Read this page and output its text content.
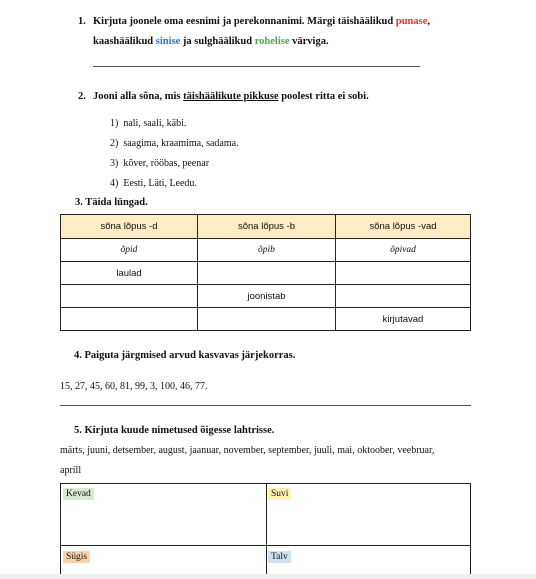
1. Kirjuta joonele oma eesnimi ja perekonnanimi. Märgi täishäälikud punase,
kaashäälikud sinise ja sulghäälikud rohelise värviga.
2. Jooni alla sõna, mis täishäälikute pikkuse poolest ritta ei sobi.
1) nali, saali, käbi.
2) saagima, kraamima, sadama.
3) kõver, rööbas, peenar
4) Eesti, Läti, Leedu.
3. Täida lüngad.
sõna lõpus -d	sõna lõpus -b	sõna lõpus -vad
õpid	õpib	õpivad
laulad		
	joonistab	
		kirjutavad
4. Paiguta järgmised arvud kasvavas järjekorras.
15, 27, 45, 60, 81, 99, 3, 100, 46, 77.
5. Kirjuta kuude nimetused õigesse lahtrisse.
märts, juuni, detsember, august, jaanuar, november, september, juuli, mai, oktoober, veebruar,
aprill
Kevad	Suvi
Sügis	Talv
